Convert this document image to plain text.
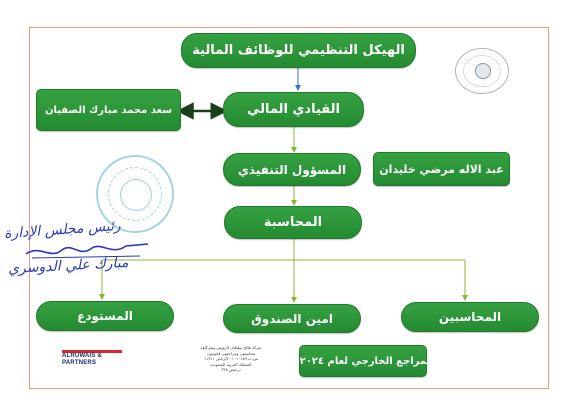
الهيكل التنظيمي للوظائف المالية
سعد محمد مبارك الصفيان	القيادي المالي
المسؤول التنفيذي	عبد الاله مرضي خليدان
المحاسبة
المستودع	امين الصندوق	المحاسبين
المراجع الخارجي لعام ٢٠٢٤م
ALRUWAIS &
PARTNERS
شركة فالح سلطان الرويس وشركاؤه
محاسبون ومراجعون قانونيون
س.ت ١٠١٠١٥٩ - الرياض ١١٣١١
المملكة العربية السعودية
ترخيص ٣٣٨
رئيس مجلس الإدارة
مبارك علي الدوسري
